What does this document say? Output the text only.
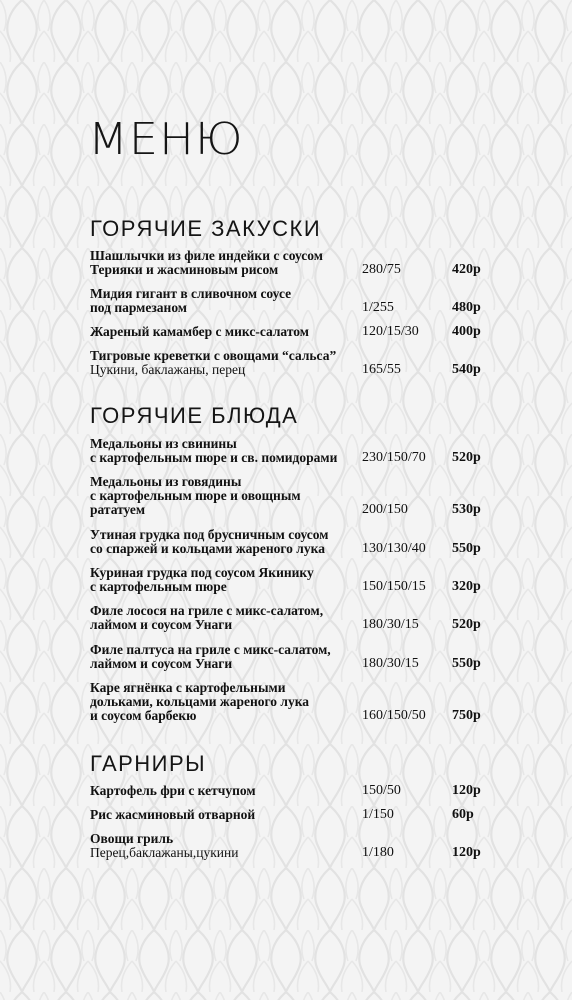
МЕНЮ
ГОРЯЧИЕ ЗАКУСКИ
Шашлычки из филе индейки с соусом
Терияки и жасминовым рисом	280/75	420р
Мидия гигант в сливочном соусе
под пармезаном	1/255	480р
Жареный камамбер с микс-салатом	120/15/30 400р
Тигровые креветки с овощами “сальса”
Цукини, баклажаны, перец	165/55	540р
ГОРЯЧИЕ БЛЮДА
Медальоны из свинины
с картофельным пюре и св. помидорами	230/150/70 520р
Медальоны из говядины
с картофельным пюре и овощным
рататуем	200/150	530р
Утиная грудка под брусничным соусом
со спаржей и кольцами жареного лука	130/130/40 550р
Куриная грудка под соусом Якинику
с картофельным пюре	150/150/15 320р
Филе лосося на гриле с микс-салатом,
лаймом и соусом Унаги	180/30/15 520р
Филе палтуса на гриле с микс-салатом,
лаймом и соусом Унаги	180/30/15 550р
Каре ягнёнка с картофельными
дольками, кольцами жареного лука
и соусом барбекю	160/150/50 750р
ГАРНИРЫ
Картофель фри с кетчупом	150/50	120р
Рис жасминовый отварной	1/150	60р
Овощи гриль
Перец,баклажаны,цукини	1/180	120р
